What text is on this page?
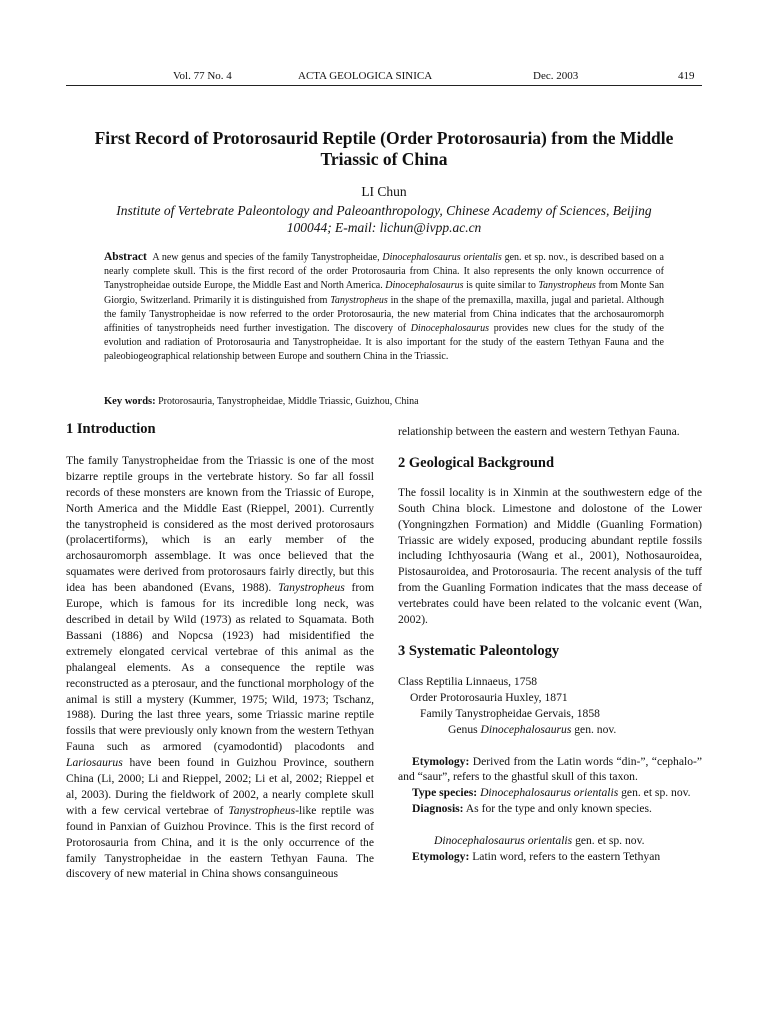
Vol. 77 No. 4	ACTA GEOLOGICA SINICA	Dec. 2003	419
First Record of Protorosaurid Reptile (Order Protorosauria) from the Middle Triassic of China
LI Chun
Institute of Vertebrate Paleontology and Paleoanthropology, Chinese Academy of Sciences, Beijing 100044; E-mail: lichun@ivpp.ac.cn
Abstract A new genus and species of the family Tanystropheidae, Dinocephalosaurus orientalis gen. et sp. nov., is described based on a nearly complete skull. This is the first record of the order Protorosauria from China. It also represents the only known occurrence of Tanystropheidae outside Europe, the Middle East and North America. Dinocephalosaurus is quite similar to Tanystropheus from Monte San Giorgio, Switzerland. Primarily it is distinguished from Tanystropheus in the shape of the premaxilla, maxilla, jugal and parietal. Although the family Tanystropheidae is now referred to the order Protorosauria, the new material from China indicates that the archosauromorph affinities of tanystropheids need further investigation. The discovery of Dinocephalosaurus provides new clues for the study of the evolution and radiation of Protorosauria and Tanystropheidae. It is also important for the study of the eastern Tethyan Fauna and the paleobiogeographical relationship between Europe and southern China in the Triassic.
Key words: Protorosauria, Tanystropheidae, Middle Triassic, Guizhou, China
1 Introduction

The family Tanystropheidae from the Triassic is one of the most bizarre reptile groups in the vertebrate history. So far all fossil records of these monsters are known from the Triassic of Europe, North America and the Middle East (Rieppel, 2001). Currently the tanystropheid is considered as the most derived protorosaurs (prolacertiforms), which is an early member of the archosauromorph assemblage. It was once believed that the squamates were derived from protorosaurs fairly directly, but this idea has been abandoned (Evans, 1988). Tanystropheus from Europe, which is famous for its incredible long neck, was described in detail by Wild (1973) as related to Squamata. Both Bassani (1886) and Nopcsa (1923) had misidentified the extremely elongated cervical vertebrae of this animal as the phalangeal elements. As a consequence the reptile was reconstructed as a pterosaur, and the functional morphology of the animal is still a mystery (Kummer, 1975; Wild, 1973; Tschanz, 1988). During the last three years, some Triassic marine reptile fossils that were previously only known from the western Tethyan Fauna such as armored (cyamodontid) placodonts and Lariosaurus have been found in Guizhou Province, southern China (Li, 2000; Li and Rieppel, 2002; Li et al, 2002; Rieppel et al, 2003). During the fieldwork of 2002, a nearly complete skull with a few cervical vertebrae of Tanystropheus-like reptile was found in Panxian of Guizhou Province. This is the first record of Protorosauria from China, and it is the only occurrence of the family Tanystropheidae in the eastern Tethyan Fauna. The discovery of new material in China shows consanguineous

relationship between the eastern and western Tethyan Fauna.

2 Geological Background

The fossil locality is in Xinmin at the southwestern edge of the South China block. Limestone and dolostone of the Lower (Yongningzhen Formation) and Middle (Guanling Formation) Triassic are widely exposed, producing abundant reptile fossils including Ichthyosauria (Wang et al., 2001), Nothosauroidea, Pistosauroidea, and Protorosauria. The recent analysis of the tuff from the Guanling Formation indicates that the mass decease of vertebrates could have been related to the volcanic event (Wan, 2002).

3 Systematic Paleontology

Class Reptilia Linnaeus, 1758

Order Protorosauria Huxley, 1871

Family Tanystropheidae Gervais, 1858

Genus Dinocephalosaurus gen. nov.

Etymology: Derived from the Latin words “din-”, “cephalo-” and “saur”, refers to the ghastful skull of this taxon.

Type species: Dinocephalosaurus orientalis gen. et sp. nov.

Diagnosis: As for the type and only known species.

Dinocephalosaurus orientalis gen. et sp. nov.

Etymology: Latin word, refers to the eastern Tethyan
